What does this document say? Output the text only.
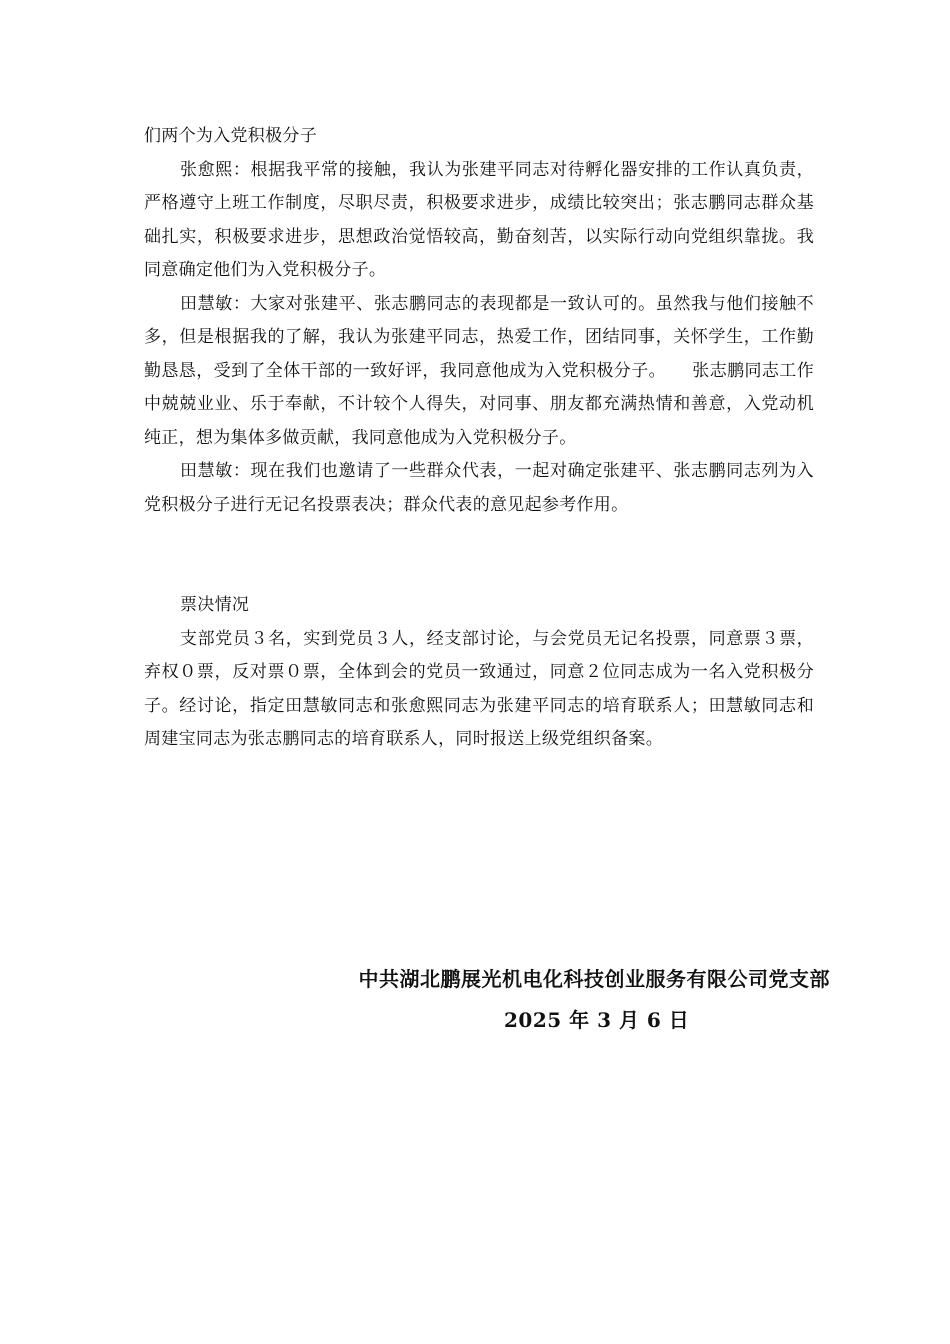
们两个为入党积极分子

张愈熙：根据我平常的接触，我认为张建平同志对待孵化器安排的工作认真负责，严格遵守上班工作制度，尽职尽责，积极要求进步，成绩比较突出；张志鹏同志群众基础扎实，积极要求进步，思想政治觉悟较高，勤奋刻苦，以实际行动向党组织靠拢。我同意确定他们为入党积极分子。

田慧敏：大家对张建平、张志鹏同志的表现都是一致认可的。虽然我与他们接触不多，但是根据我的了解，我认为张建平同志，热爱工作，团结同事，关怀学生，工作勤勤恳恳，受到了全体干部的一致好评，我同意他成为入党积极分子。　　张志鹏同志工作中兢兢业业、乐于奉献，不计较个人得失，对同事、朋友都充满热情和善意，入党动机纯正，想为集体多做贡献，我同意他成为入党积极分子。

田慧敏：现在我们也邀请了一些群众代表，一起对确定张建平、张志鹏同志列为入党积极分子进行无记名投票表决；群众代表的意见起参考作用。

票决情况

支部党员３名，实到党员３人，经支部讨论，与会党员无记名投票，同意票３票，弃权０票，反对票０票，全体到会的党员一致通过，同意２位同志成为一名入党积极分子。经讨论，指定田慧敏同志和张愈熙同志为张建平同志的培育联系人；田慧敏同志和周建宝同志为张志鹏同志的培育联系人，同时报送上级党组织备案。

中共湖北鹏展光机电化科技创业服务有限公司党支部
2025 年 3 月 6 日
